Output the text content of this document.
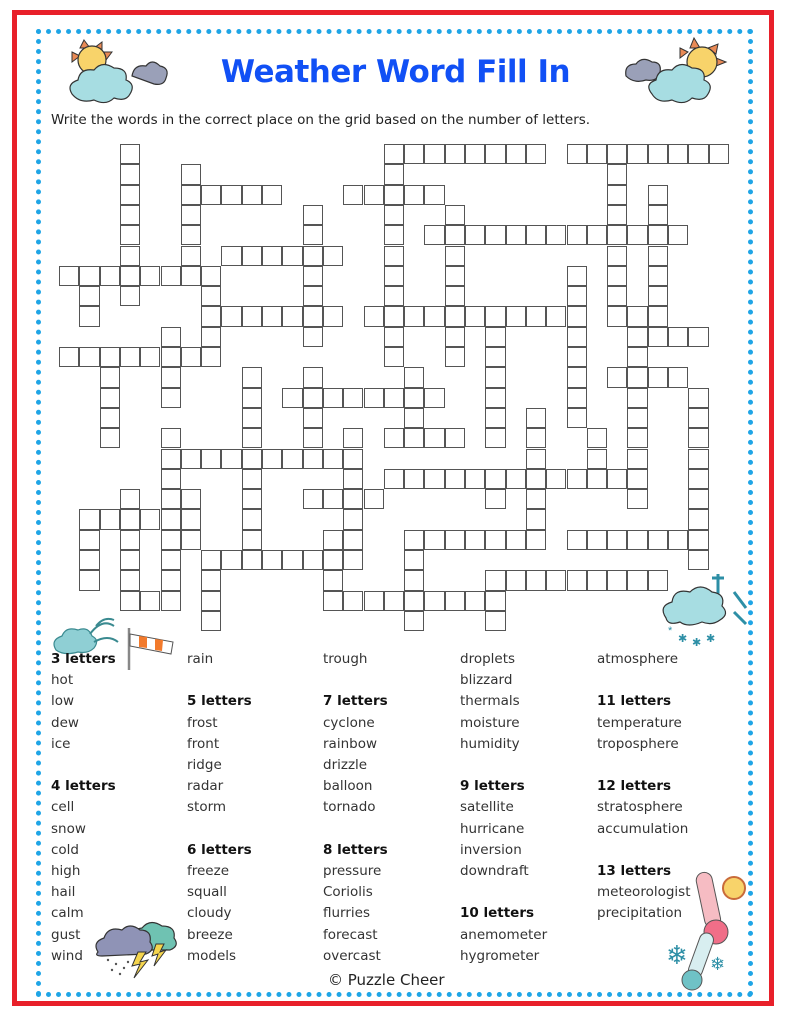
Weather Word Fill In
Write the words in the correct place on the grid based on the number of letters.
✱ ✱ ✱
*
3 letters
hot
low
dew
ice
4 letters
cell
snow
cold
high
hail
calm
gust
wind
rain
5 letters
frost
front
ridge
radar
storm
6 letters
freeze
squall
cloudy
breeze
models
trough
7 letters
cyclone
rainbow
drizzle
balloon
tornado
8 letters
pressure
Coriolis
flurries
forecast
overcast
droplets
blizzard
thermals
moisture
humidity
9 letters
satellite
hurricane
inversion
downdraft
10 letters
anemometer
hygrometer
atmosphere
11 letters
temperature
troposphere
12 letters
stratosphere
accumulation
13 letters
meteorologist
precipitation
❄ ❄
© Puzzle Cheer
